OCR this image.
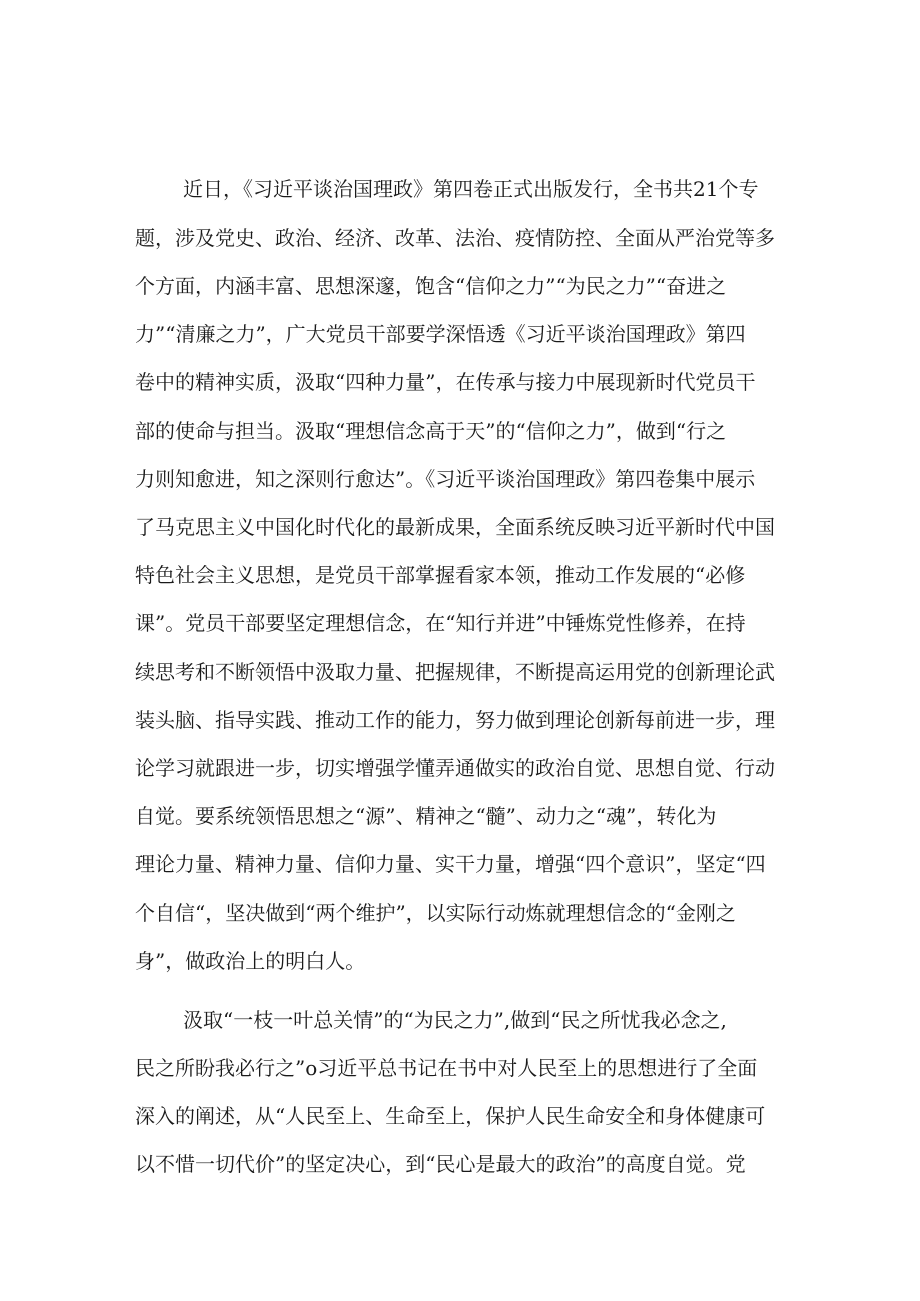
近日，《习近平谈治国理政》第四卷正式出版发行，全书共21个专

题，涉及党史、政治、经济、改革、法治、疫情防控、全面从严治党等多

个方面，内涵丰富、思想深邃，饱含“信仰之力”“为民之力”“奋进之

力”“清廉之力”，广大党员干部要学深悟透《习近平谈治国理政》第四

卷中的精神实质，汲取“四种力量”，在传承与接力中展现新时代党员干

部的使命与担当。汲取“理想信念高于天”的“信仰之力”，做到“行之

力则知愈进，知之深则行愈达”。《习近平谈治国理政》第四卷集中展示

了马克思主义中国化时代化的最新成果，全面系统反映习近平新时代中国

特色社会主义思想，是党员干部掌握看家本领，推动工作发展的“必修

课”。党员干部要坚定理想信念，在“知行并进”中锤炼党性修养，在持

续思考和不断领悟中汲取力量、把握规律，不断提高运用党的创新理论武

装头脑、指导实践、推动工作的能力，努力做到理论创新每前进一步，理

论学习就跟进一步，切实增强学懂弄通做实的政治自觉、思想自觉、行动

自觉。要系统领悟思想之“源”、精神之“髓”、动力之“魂”，转化为

理论力量、精神力量、信仰力量、实干力量，增强“四个意识”，坚定“四

个自信“，坚决做到“两个维护”，以实际行动炼就理想信念的“金刚之

身”，做政治上的明白人。

汲取“一枝一叶总关情”的“为民之力”,做到“民之所忧我必念之,

民之所盼我必行之”o习近平总书记在书中对人民至上的思想进行了全面

深入的阐述，从“人民至上、生命至上，保护人民生命安全和身体健康可

以不惜一切代价”的坚定决心，到“民心是最大的政治”的高度自觉。党
